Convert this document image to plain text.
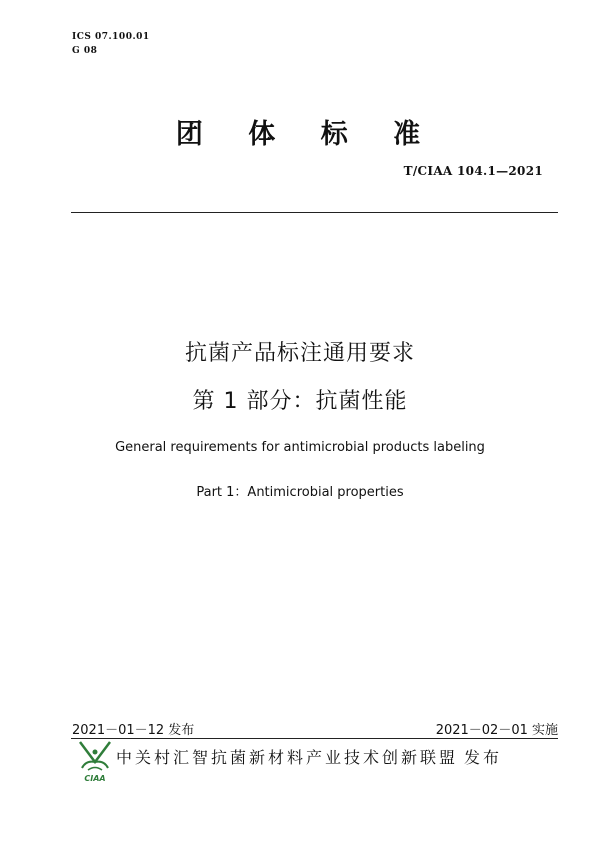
ICS 07.100.01
G 08
团 体 标 准
T/CIAA 104.1—2021
抗菌产品标注通用要求
第 1 部分：抗菌性能
General requirements for antimicrobial products labeling
Part 1：Antimicrobial properties
2021－01－12 发布	2021－02－01 实施
CIAA
中关村汇智抗菌新材料产业技术创新联盟 发布
